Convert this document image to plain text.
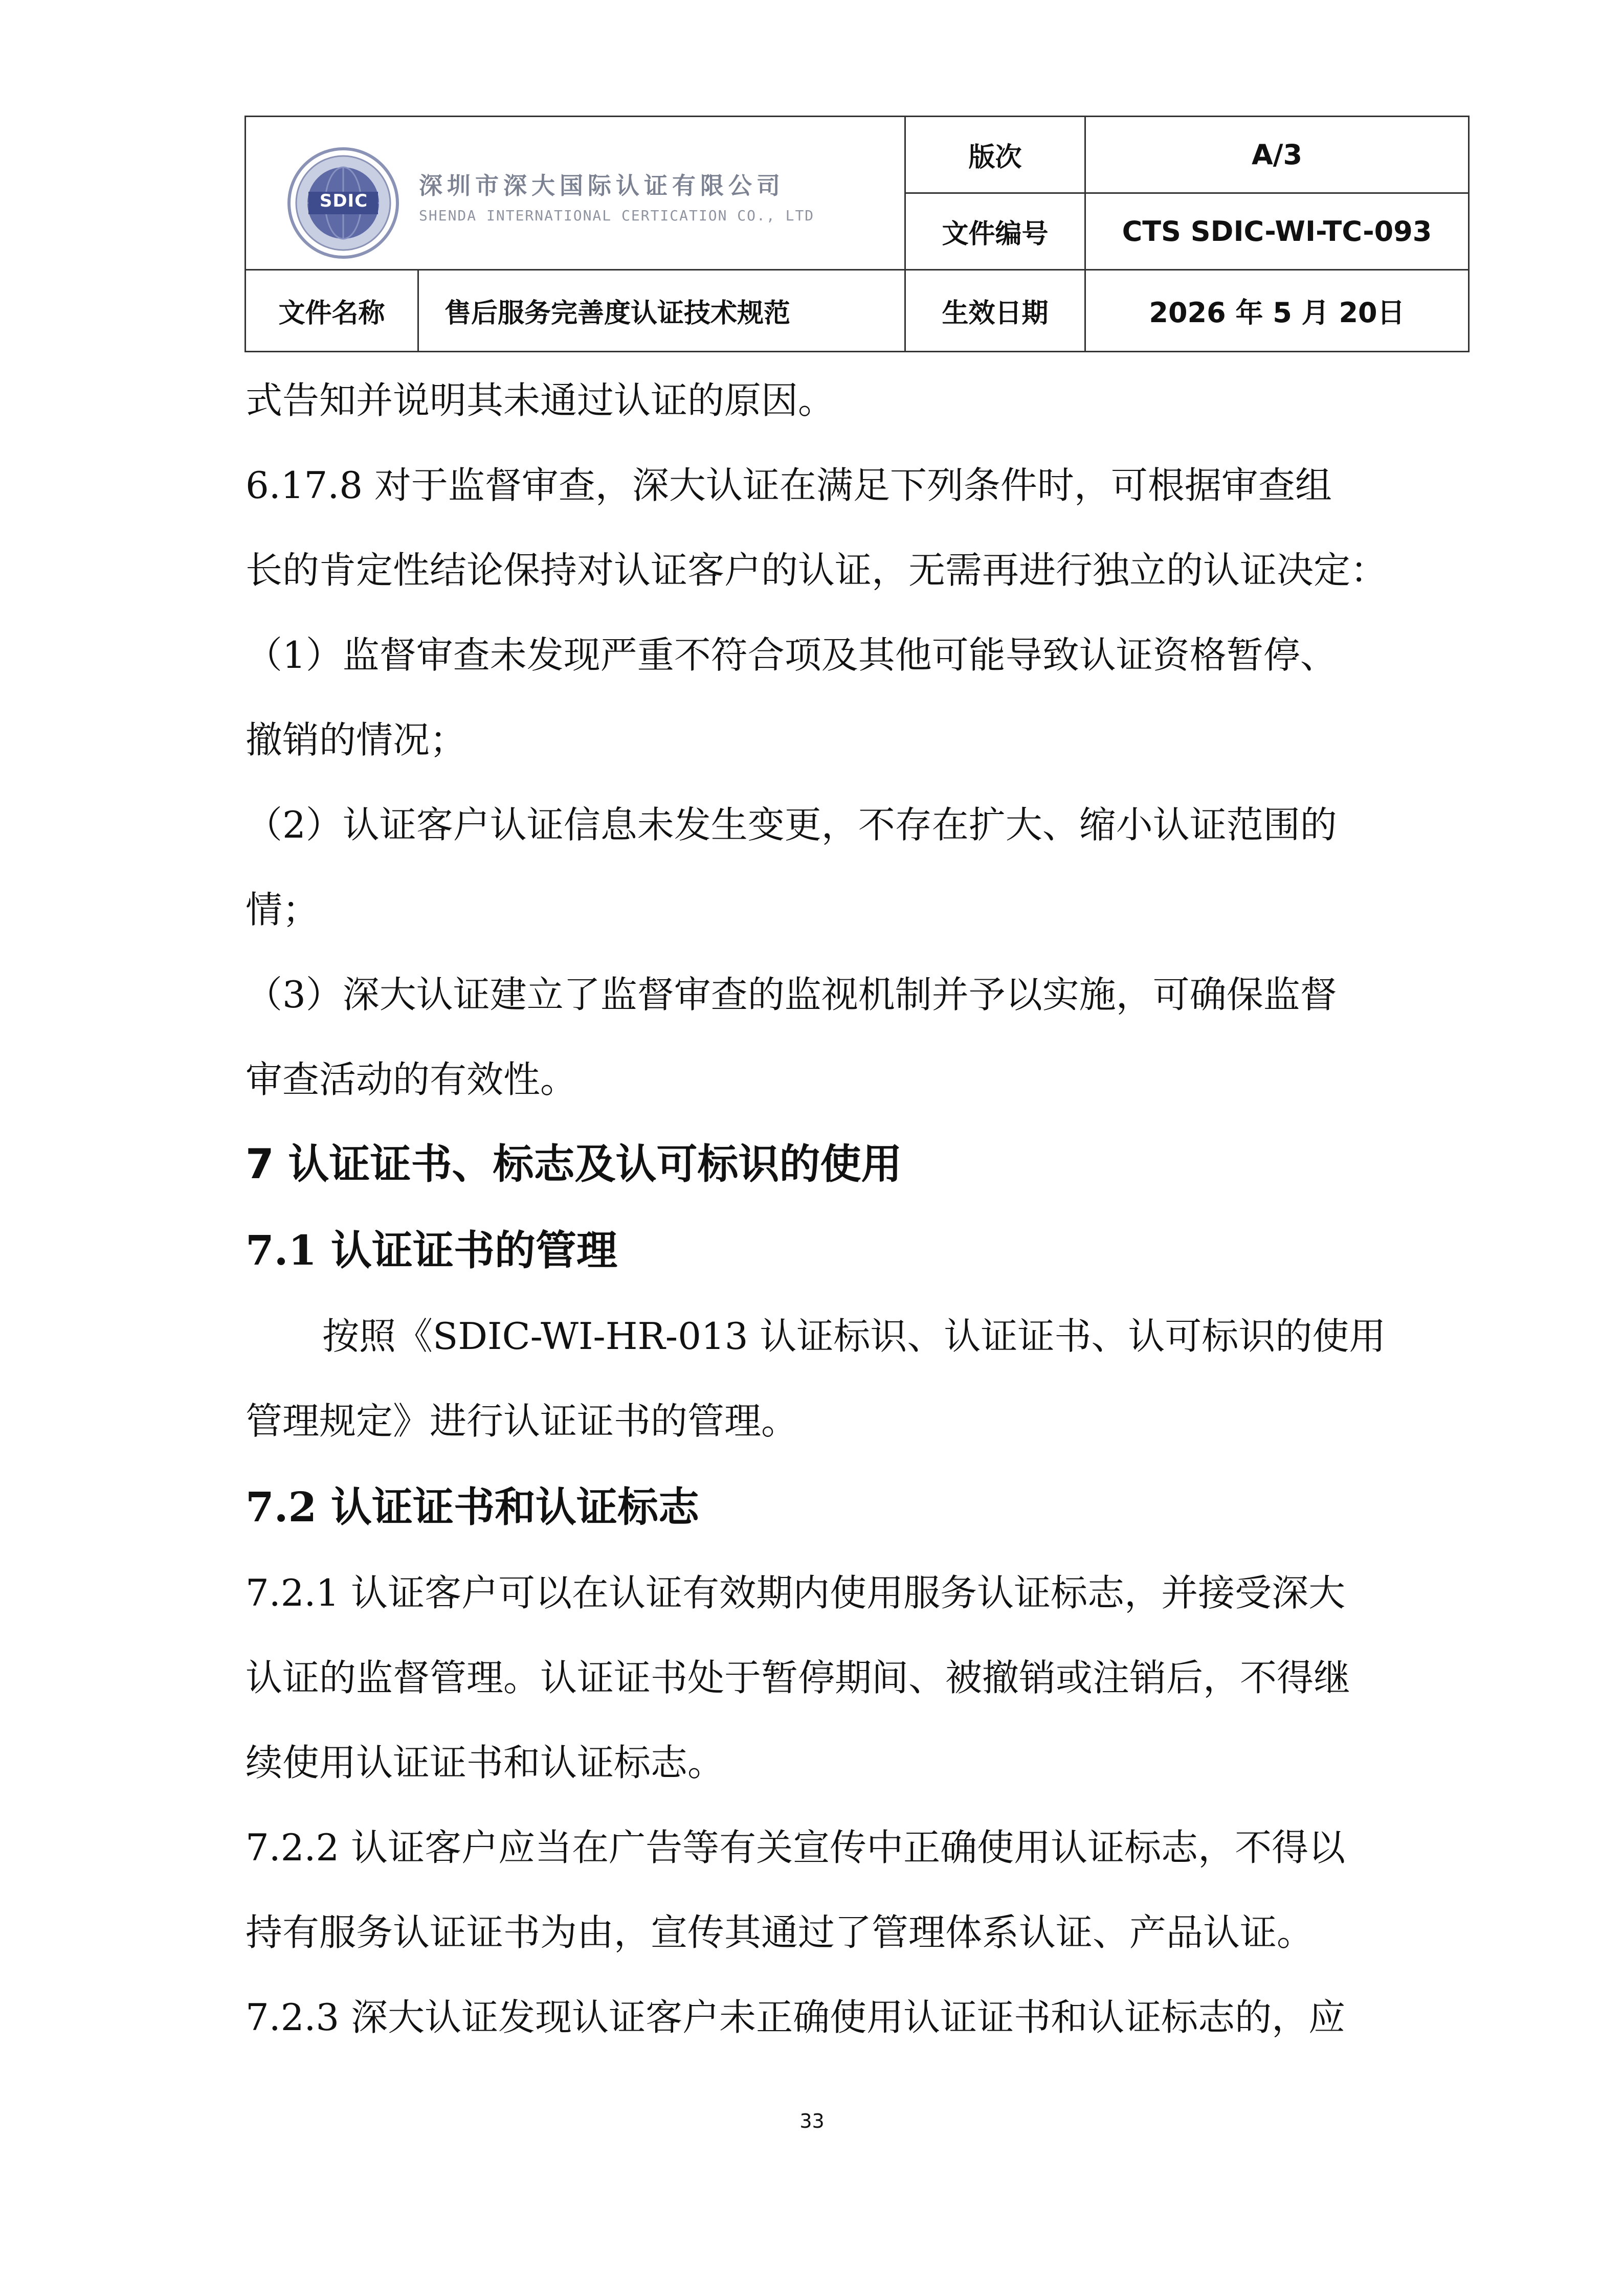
SDIC
深圳市深大国际认证有限公司
SHENDA INTERNATIONAL CERTICATION CO., LTD		版次	A/3
		文件编号	CTS SDIC-WI-TC-093
文件名称	售后服务完善度认证技术规范	生效日期	2026 年 5 月 20日

式告知并说明其未通过认证的原因。

6.17.8 对于监督审查，深大认证在满足下列条件时，可根据审查组

长的肯定性结论保持对认证客户的认证，无需再进行独立的认证决定：

（1）监督审查未发现严重不符合项及其他可能导致认证资格暂停、

撤销的情况；

（2）认证客户认证信息未发生变更，不存在扩大、缩小认证范围的

情；

（3）深大认证建立了监督审查的监视机制并予以实施，可确保监督

审查活动的有效性。

7 认证证书、标志及认可标识的使用
7.1 认证证书的管理

按照《SDIC-WI-HR-013 认证标识、认证证书、认可标识的使用

管理规定》进行认证证书的管理。

7.2 认证证书和认证标志

7.2.1 认证客户可以在认证有效期内使用服务认证标志，并接受深大

认证的监督管理。认证证书处于暂停期间、被撤销或注销后，不得继

续使用认证证书和认证标志。

7.2.2 认证客户应当在广告等有关宣传中正确使用认证标志，不得以

持有服务认证证书为由，宣传其通过了管理体系认证、产品认证。

7.2.3 深大认证发现认证客户未正确使用认证证书和认证标志的，应

33
